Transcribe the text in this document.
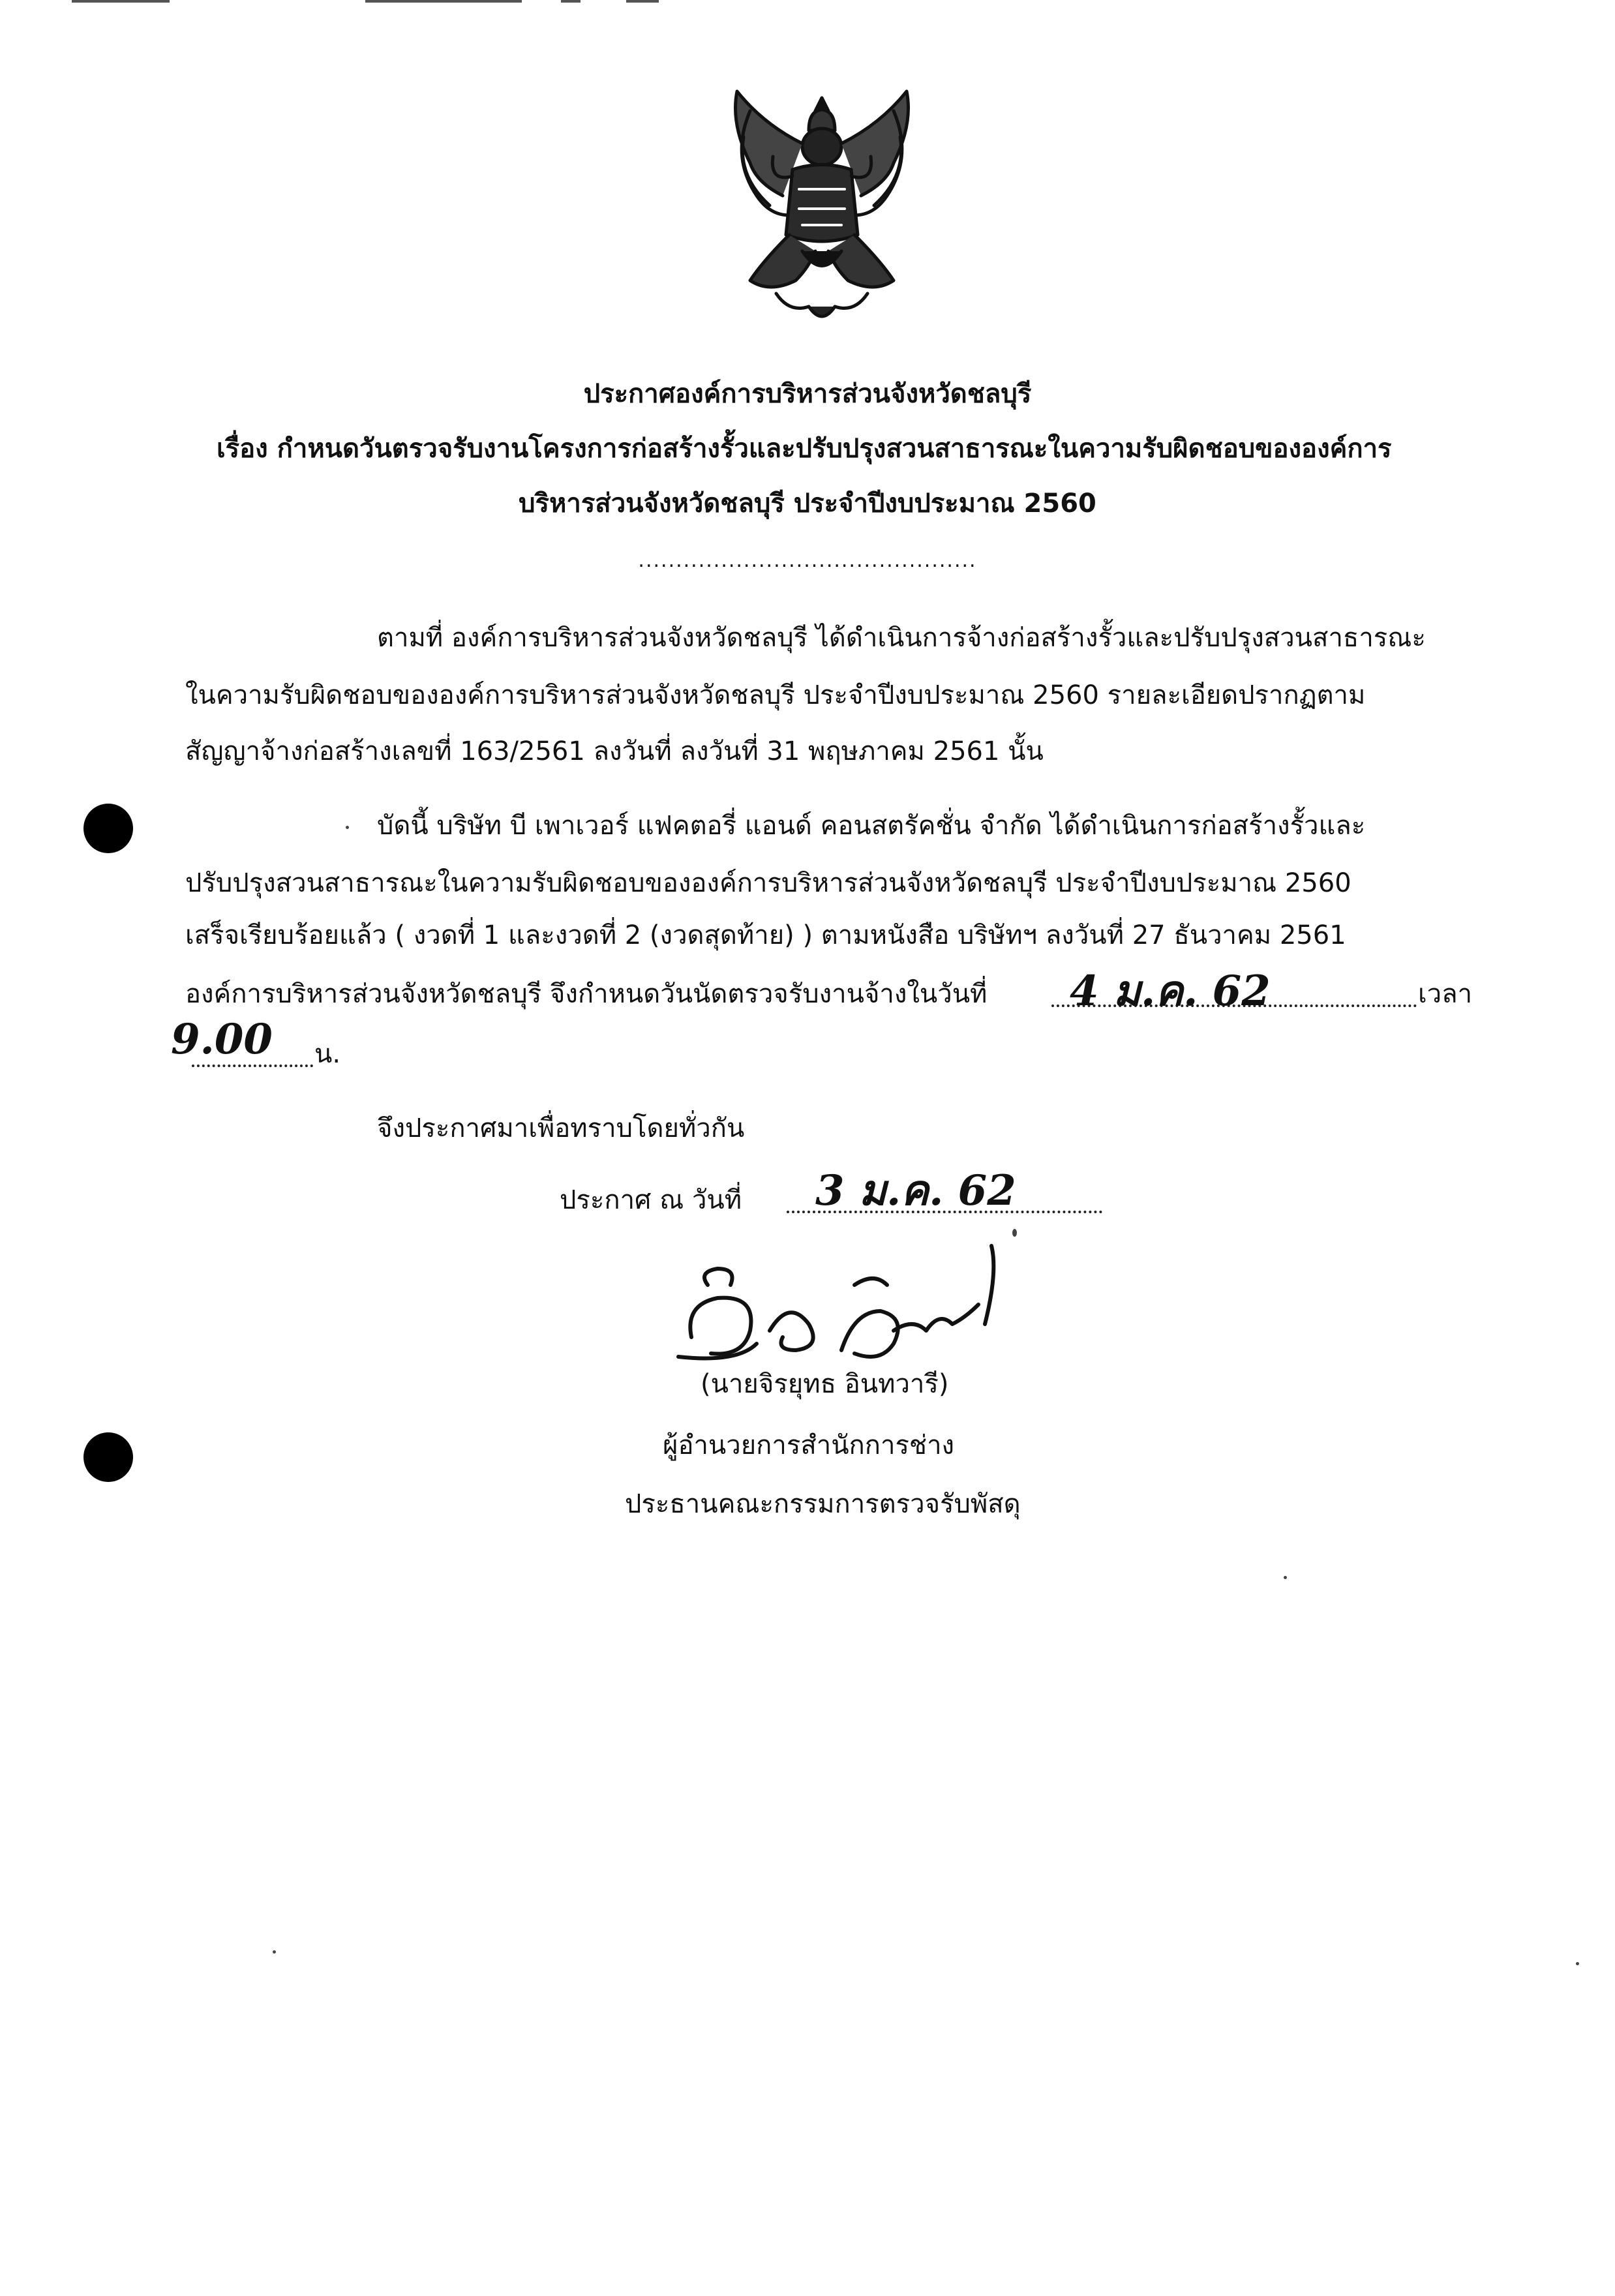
ประกาศองค์การบริหารส่วนจังหวัดชลบุรี
เรื่อง กำหนดวันตรวจรับงานโครงการก่อสร้างรั้วและปรับปรุงสวนสาธารณะในความรับผิดชอบขององค์การ
บริหารส่วนจังหวัดชลบุรี ประจำปีงบประมาณ 2560
.............................................
ตามที่ องค์การบริหารส่วนจังหวัดชลบุรี ได้ดำเนินการจ้างก่อสร้างรั้วและปรับปรุงสวนสาธารณะ
ในความรับผิดชอบขององค์การบริหารส่วนจังหวัดชลบุรี ประจำปีงบประมาณ 2560 รายละเอียดปรากฏตาม
สัญญาจ้างก่อสร้างเลขที่ 163/2561 ลงวันที่ ลงวันที่ 31 พฤษภาคม 2561 นั้น
บัดนี้ บริษัท บี เพาเวอร์ แฟคตอรี่ แอนด์ คอนสตรัคชั่น จำกัด ได้ดำเนินการก่อสร้างรั้วและ
ปรับปรุงสวนสาธารณะในความรับผิดชอบขององค์การบริหารส่วนจังหวัดชลบุรี ประจำปีงบประมาณ 2560
เสร็จเรียบร้อยแล้ว ( งวดที่ 1 และงวดที่ 2 (งวดสุดท้าย) ) ตามหนังสือ บริษัทฯ ลงวันที่ 27 ธันวาคม 2561
องค์การบริหารส่วนจังหวัดชลบุรี จึงกำหนดวันนัดตรวจรับงานจ้างในวันที่ 4 ม.ค. 62	เวลา
9.00 น.
จึงประกาศมาเพื่อทราบโดยทั่วกัน
ประกาศ ณ วันที่ 3 ม.ค. 62
(นายจิรยุทธ อินทวารี)
ผู้อำนวยการสำนักการช่าง
ประธานคณะกรรมการตรวจรับพัสดุ
